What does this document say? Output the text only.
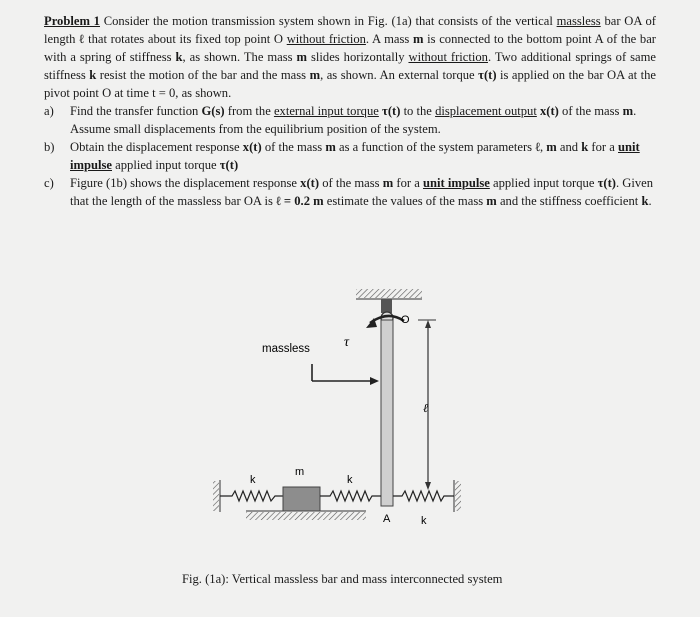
Problem 1 Consider the motion transmission system shown in Fig. (1a) that consists of the vertical massless bar OA of length ℓ that rotates about its fixed top point O without friction. A mass m is connected to the bottom point A of the bar with a spring of stiffness k, as shown. The mass m slides horizontally without friction. Two additional springs of same stiffness k resist the motion of the bar and the mass m, as shown. An external torque τ(t) is applied on the bar OA at the pivot point O at time t = 0, as shown.
a) Find the transfer function G(s) from the external input torque τ(t) to the displacement output x(t) of the mass m. Assume small displacements from the equilibrium position of the system.
b) Obtain the displacement response x(t) of the mass m as a function of the system parameters ℓ, m and k for a unit impulse applied input torque τ(t)
c) Figure (1b) shows the displacement response x(t) of the mass m for a unit impulse applied input torque τ(t). Given that the length of the massless bar OA is ℓ = 0.2 m estimate the values of the mass m and the stiffness coefficient k.
τ
O
ℓ
massless
k
m
k
k
A
Fig. (1a): Vertical massless bar and mass interconnected system
